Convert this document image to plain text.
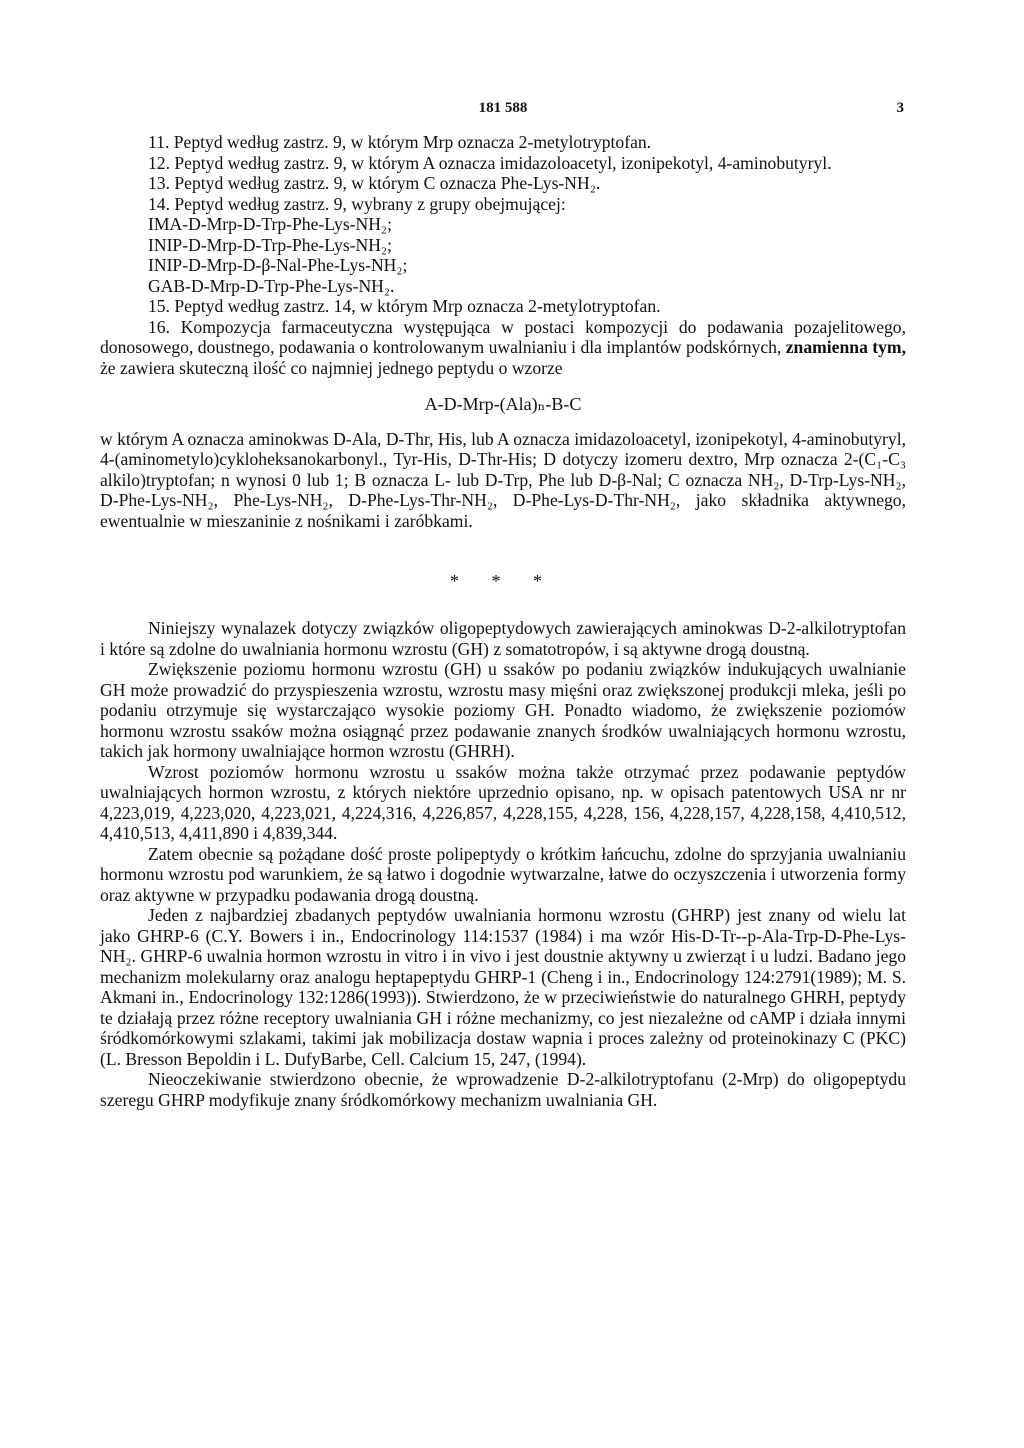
181 588	3

11. Peptyd według zastrz. 9, w którym Mrp oznacza 2-metylotryptofan.

12. Peptyd według zastrz. 9, w którym A oznacza imidazoloacetyl, izonipekotyl, 4-aminobutyryl.

13. Peptyd według zastrz. 9, w którym C oznacza Phe-Lys-NH₂.

14. Peptyd według zastrz. 9, wybrany z grupy obejmującej:

IMA-D-Mrp-D-Trp-Phe-Lys-NH₂;

INIP-D-Mrp-D-Trp-Phe-Lys-NH₂;

INIP-D-Mrp-D-β-Nal-Phe-Lys-NH₂;

GAB-D-Mrp-D-Trp-Phe-Lys-NH₂.

15. Peptyd według zastrz. 14, w którym Mrp oznacza 2-metylotryptofan.

16. Kompozycja farmaceutyczna występująca w postaci kompozycji do podawania pozajelitowego, donosowego, doustnego, podawania o kontrolowanym uwalnianiu i dla implantów podskórnych, znamienna tym, że zawiera skuteczną ilość co najmniej jednego peptydu o wzorze

A-D-Mrp-(Ala)ₙ-B-C

w którym A oznacza aminokwas D-Ala, D-Thr, His, lub A oznacza imidazoloacetyl, izonipekotyl, 4-aminobutyryl, 4-(aminometylo)cykloheksanokarbonyl., Tyr-His, D-Thr-His; D dotyczy izomeru dextro, Mrp oznacza 2-(C₁-C₃ alkilo)tryptofan; n wynosi 0 lub 1; B oznacza L- lub D-Trp, Phe lub D-β-Nal; C oznacza NH₂, D-Trp-Lys-NH₂, D-Phe-Lys-NH₂, Phe-Lys-NH₂, D-Phe-Lys-Thr-NH₂, D-Phe-Lys-D-Thr-NH₂, jako składnika aktywnego, ewentualnie w mieszaninie z nośnikami i zaróbkami.

* * *

Niniejszy wynalazek dotyczy związków oligopeptydowych zawierających aminokwas D-2-alkilotryptofan i które są zdolne do uwalniania hormonu wzrostu (GH) z somatotropów, i są aktywne drogą doustną.

Zwiększenie poziomu hormonu wzrostu (GH) u ssaków po podaniu związków indukujących uwalnianie GH może prowadzić do przyspieszenia wzrostu, wzrostu masy mięśni oraz zwiększonej produkcji mleka, jeśli po podaniu otrzymuje się wystarczająco wysokie poziomy GH. Ponadto wiadomo, że zwiększenie poziomów hormonu wzrostu ssaków można osiągnąć przez podawanie znanych środków uwalniających hormonu wzrostu, takich jak hormony uwalniające hormon wzrostu (GHRH).

Wzrost poziomów hormonu wzrostu u ssaków można także otrzymać przez podawanie peptydów uwalniających hormon wzrostu, z których niektóre uprzednio opisano, np. w opisach patentowych USA nr nr 4,223,019, 4,223,020, 4,223,021, 4,224,316, 4,226,857, 4,228,155, 4,228, 156, 4,228,157, 4,228,158, 4,410,512, 4,410,513, 4,411,890 i 4,839,344.

Zatem obecnie są pożądane dość proste polipeptydy o krótkim łańcuchu, zdolne do sprzyjania uwalnianiu hormonu wzrostu pod warunkiem, że są łatwo i dogodnie wytwarzalne, łatwe do oczyszczenia i utworzenia formy oraz aktywne w przypadku podawania drogą doustną.

Jeden z najbardziej zbadanych peptydów uwalniania hormonu wzrostu (GHRP) jest znany od wielu lat jako GHRP-6 (C.Y. Bowers i in., Endocrinology 114:1537 (1984) i ma wzór His-D-Tr--p-Ala-Trp-D-Phe-Lys-NH₂. GHRP-6 uwalnia hormon wzrostu in vitro i in vivo i jest doustnie aktywny u zwierząt i u ludzi. Badano jego mechanizm molekularny oraz analogu heptapeptydu GHRP-1 (Cheng i in., Endocrinology 124:2791(1989); M. S. Akmani in., Endocrinology 132:1286(1993)). Stwierdzono, że w przeciwieństwie do naturalnego GHRH, peptydy te działają przez różne receptory uwalniania GH i różne mechanizmy, co jest niezależne od cAMP i działa innymi śródkomórkowymi szlakami, takimi jak mobilizacja dostaw wapnia i proces zależny od proteinokinazy C (PKC) (L. Bresson Bepoldin i L. DufyBarbe, Cell. Calcium 15, 247, (1994).

Nieoczekiwanie stwierdzono obecnie, że wprowadzenie D-2-alkilotryptofanu (2-Mrp) do oligopeptydu szeregu GHRP modyfikuje znany śródkomórkowy mechanizm uwalniania GH.
